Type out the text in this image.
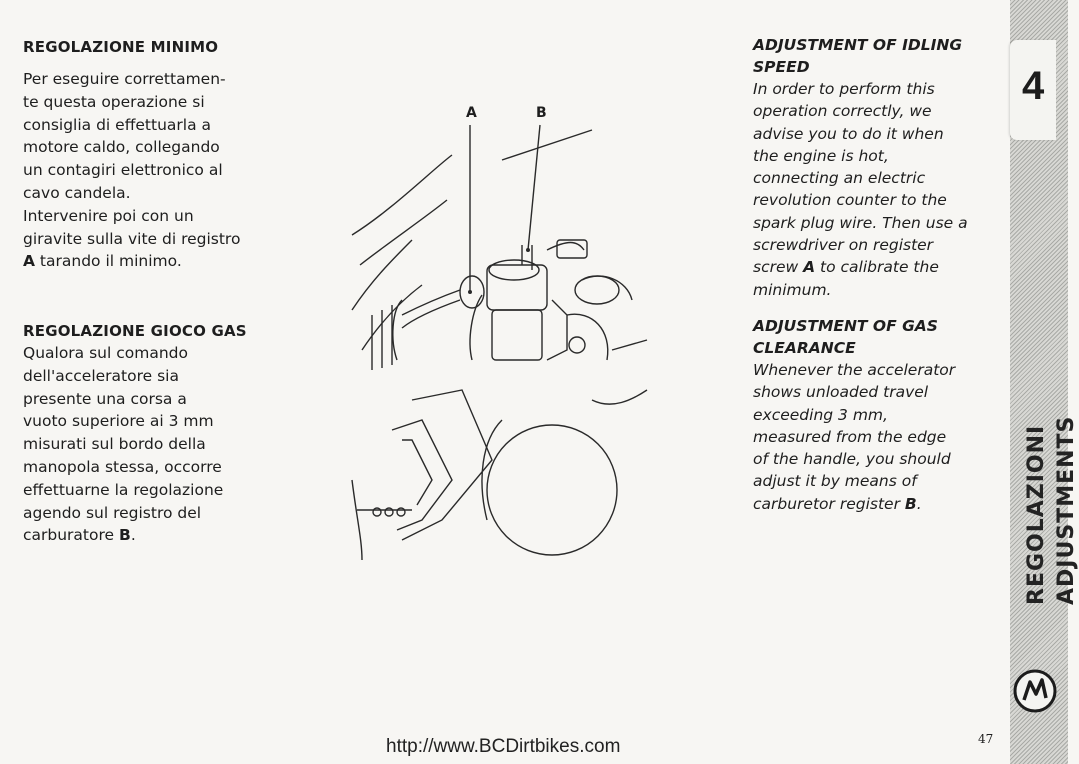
REGOLAZIONE MINIMO
Per eseguire correttamen-
te questa operazione si
consiglia di effettuarla a
motore caldo, collegando
un contagiri elettronico al
cavo candela.
Intervenire poi con un
giravite sulla vite di registro
A tarando il minimo.
REGOLAZIONE GIOCO GAS
Qualora sul comando
dell'acceleratore sia
presente una corsa a
vuoto superiore ai 3 mm
misurati sul bordo della
manopola stessa, occorre
effettuarne la regolazione
agendo sul registro del
carburatore B.
A	B
ADJUSTMENT OF IDLING
SPEED
In order to perform this
operation correctly, we
advise you to do it when
the engine is hot,
connecting an electric
revolution counter to the
spark plug wire. Then use a
screwdriver on register
screw A to calibrate the
minimum.
ADJUSTMENT OF GAS
CLEARANCE
Whenever the accelerator
shows unloaded travel
exceeding 3 mm,
measured from the edge
of the handle, you should
adjust it by means of
carburetor register B.
4
REGOLAZIONI ADJUSTMENTS
http://www.BCDirtbikes.com	47
